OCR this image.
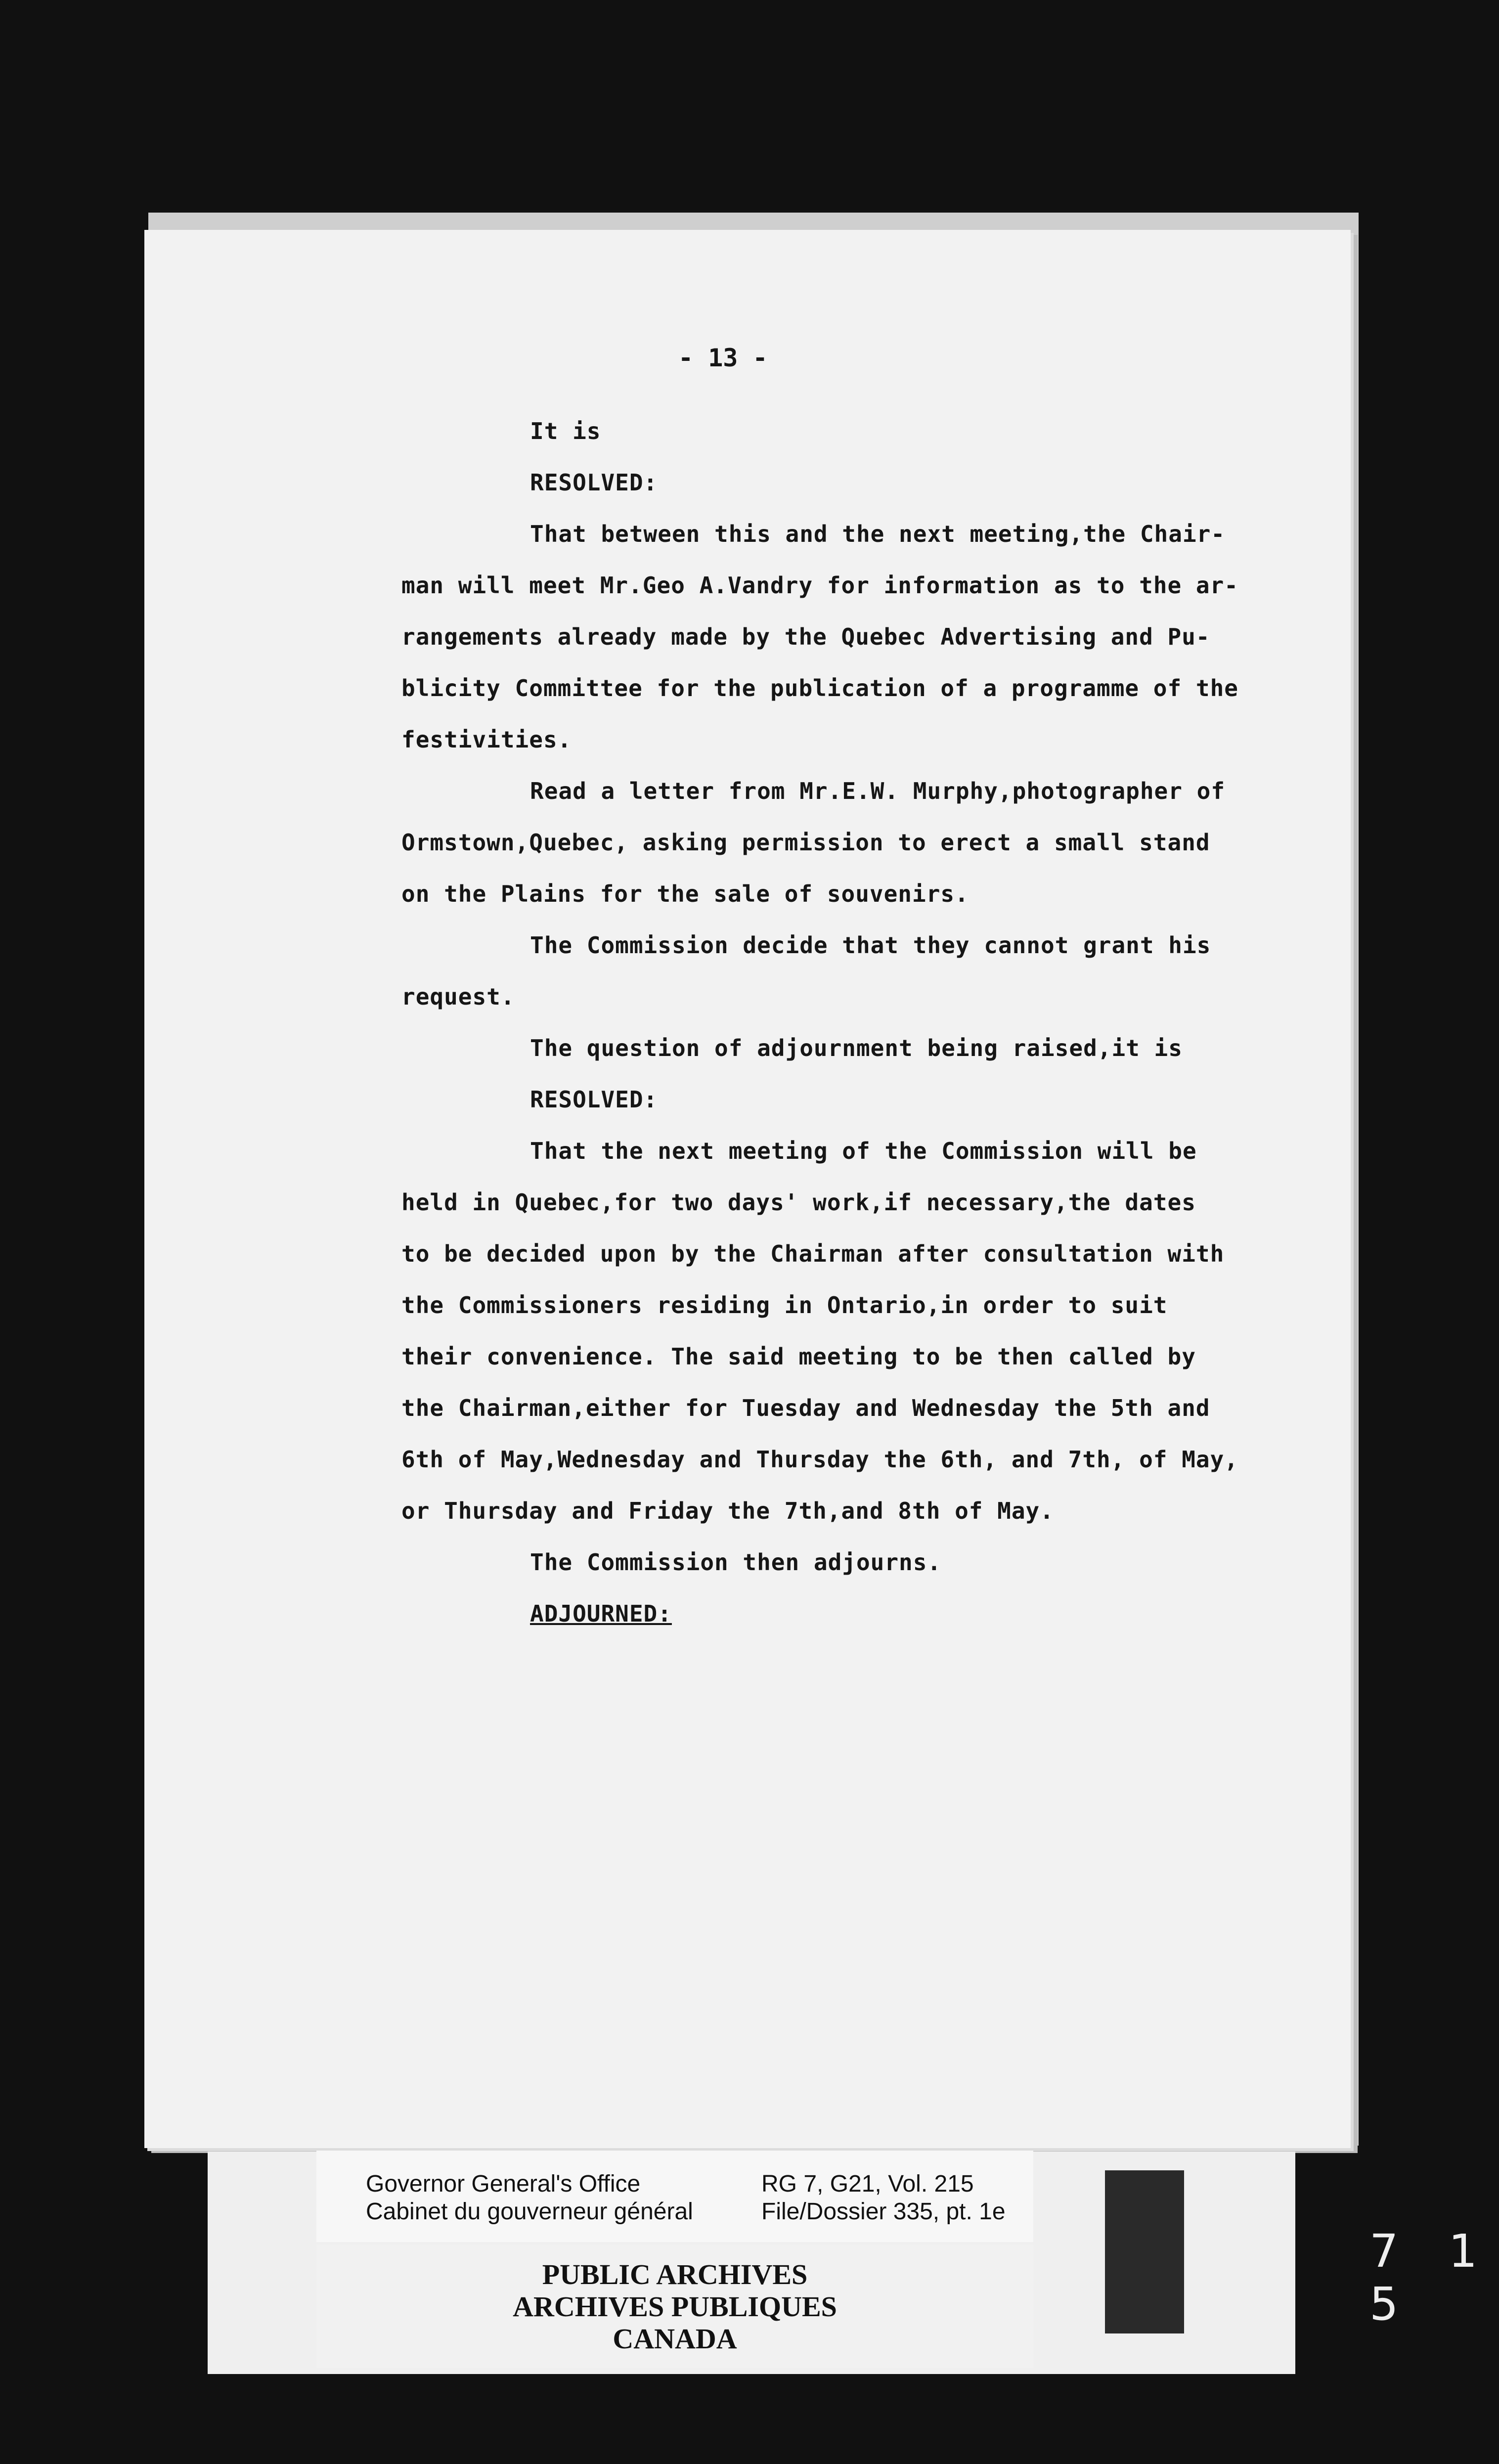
- 13 -
It is
RESOLVED:
That between this and the next meeting,the Chair-
man will meet Mr.Geo A.Vandry for information as to the ar-
rangements already made by the Quebec Advertising and Pu-
blicity Committee for the publication of a programme of the
festivities.
Read a letter from Mr.E.W. Murphy,photographer of
Ormstown,Quebec, asking permission to erect a small stand
on the Plains for the sale of souvenirs.
The Commission decide that they cannot grant his
request.
The question of adjournment being raised,it is
RESOLVED:
That the next meeting of the Commission will be
held in Quebec,for two days' work,if necessary,the dates
to be decided upon by the Chairman after consultation with
the Commissioners residing in Ontario,in order to suit
their convenience. The said meeting to be then called by
the Chairman,either for Tuesday and Wednesday the 5th and
6th of May,Wednesday and Thursday the 6th, and 7th, of May,
or Thursday and Friday the 7th,and 8th of May.
The Commission then adjourns.
ADJOURNED:
Governor General's Office
Cabinet du gouverneur général
RG 7, G21, Vol. 215
File/Dossier 335, pt. 1e
PUBLIC ARCHIVES
ARCHIVES PUBLIQUES
CANADA
7 1 5
